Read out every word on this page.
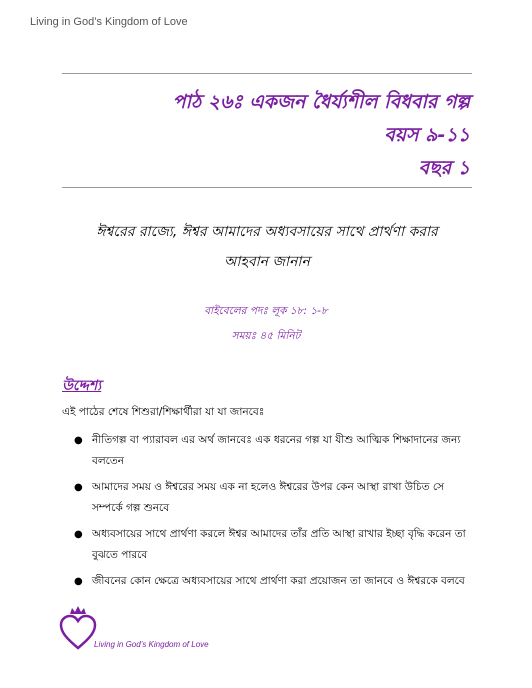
Living in God’s Kingdom of Love
পাঠ ২৬ঃ একজন ধৈর্য্যশীল বিধবার গল্প
বয়স ৯-১১
বছর ১
ঈশ্বরের রাজ্যে, ঈশ্বর আমাদের অধ্যবসায়ের সাথে প্রার্থণা করার
আহবান জানান
বাইবেলের পদঃ লূক ১৮: ১-৮
সময়ঃ ৪৫ মিনিট
উদ্দেশ্য
এই পাঠের শেষে শিশুরা/শিক্ষার্থীরা যা যা জানবেঃ
● নীতিগল্প বা প্যারাবল এর অর্থ জানবেঃ এক ধরনের গল্প যা যীশু আত্মিক শিক্ষাদানের জন্য
বলতেন
● আমাদের সময় ও ঈশ্বরের সময় এক না হলেও ঈশ্বরের উপর কেন আস্থা রাখা উচিত সে
সম্পর্কে গল্প শুনবে
● অধ্যবসায়ের সাথে প্রার্থণা করলে ঈশ্বর আমাদের তাঁর প্রতি আস্থা রাখার ইচ্ছা বৃদ্ধি করেন তা
বুঝতে পারবে
● জীবনের কোন ক্ষেত্রে অধ্যবসায়ের সাথে প্রার্থণা করা প্রয়োজন তা জানবে ও ঈশ্বরকে বলবে
Living in God’s Kingdom of Love
